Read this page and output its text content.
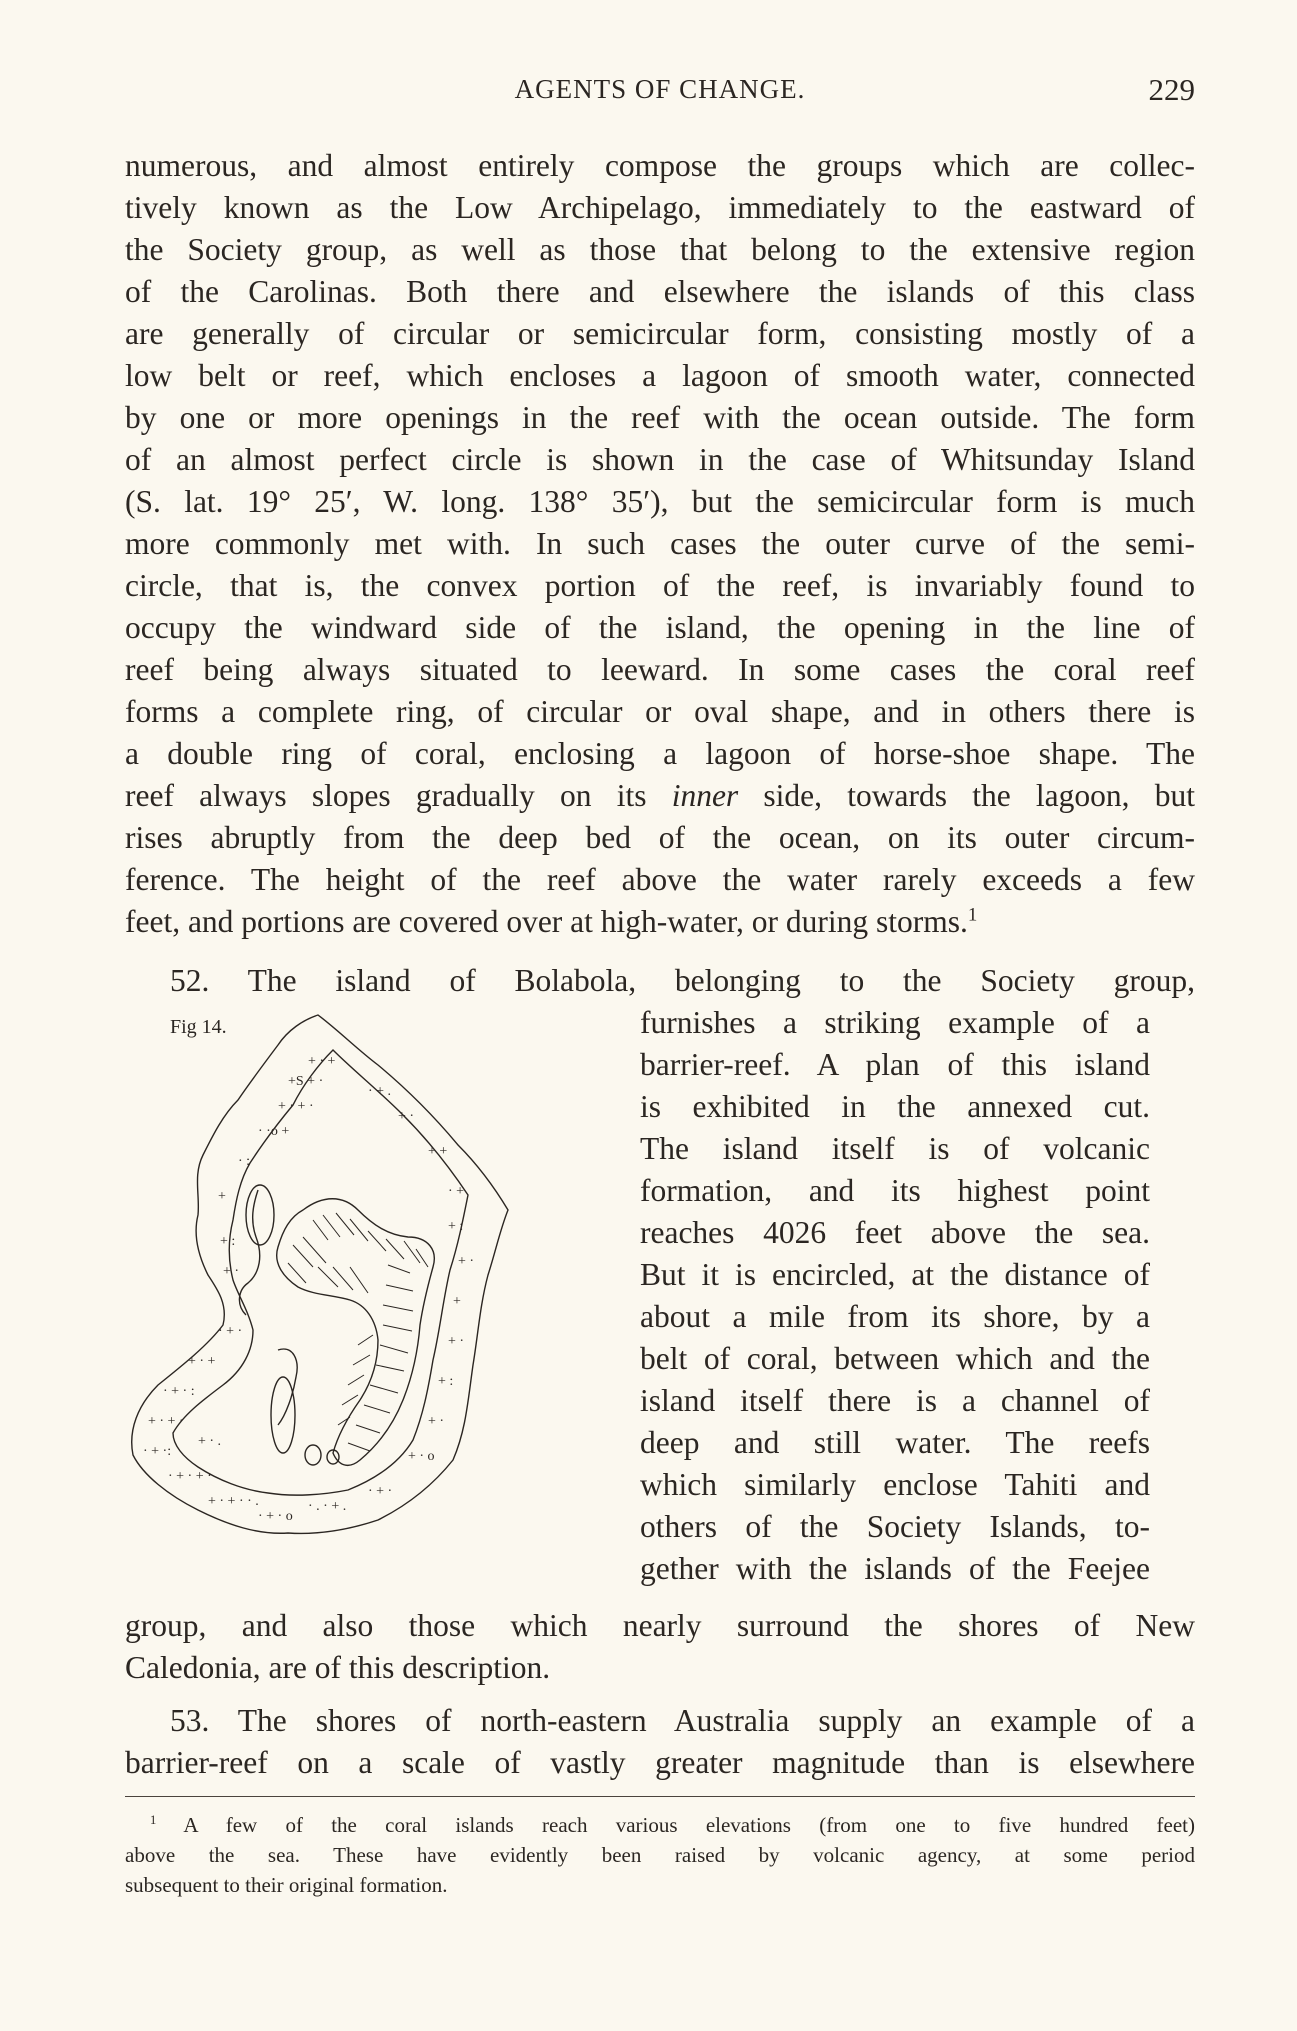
AGENTS OF CHANGE.	229
numerous, and almost entirely compose the groups which are collec-
tively known as the Low Archipelago, immediately to the eastward of
the Society group, as well as those that belong to the extensive region
of the Carolinas. Both there and elsewhere the islands of this class
are generally of circular or semicircular form, consisting mostly of a
low belt or reef, which encloses a lagoon of smooth water, connected
by one or more openings in the reef with the ocean outside. The form
of an almost perfect circle is shown in the case of Whitsunday Island
(S. lat. 19° 25′, W. long. 138° 35′), but the semicircular form is much
more commonly met with. In such cases the outer curve of the semi-
circle, that is, the convex portion of the reef, is invariably found to
occupy the windward side of the island, the opening in the line of
reef being always situated to leeward. In some cases the coral reef
forms a complete ring, of circular or oval shape, and in others there is
a double ring of coral, enclosing a lagoon of horse-shoe shape. The
reef always slopes gradually on its inner side, towards the lagoon, but
rises abruptly from the deep bed of the ocean, on its outer circum-
ference. The height of the reef above the water rarely exceeds a few
feet, and portions are covered over at high-water, or during storms.$^1$
52. The island of Bolabola, belonging to the Society group,
Fig 14.
+ · +
+S + ·
+ · + ·
· ·o +
· :
+
+ :
+ ·
· + .
+ ·
+ +
· +
+ :
+ ·
+
+ ·
+ :
+ ·
+ · o
· + ·
· + ·
+ · +
· + · :
+ · + ·
· + ·:
· + · + ·
+ · + · · .
· + · o
· . · + .
+ · .
furnishes a striking example of a
barrier-reef. A plan of this island
is exhibited in the annexed cut.
The island itself is of volcanic
formation, and its highest point
reaches 4026 feet above the sea.
But it is encircled, at the distance of
about a mile from its shore, by a
belt of coral, between which and the
island itself there is a channel of
deep and still water. The reefs
which similarly enclose Tahiti and
others of the Society Islands, to-
gether with the islands of the Feejee
group, and also those which nearly surround the shores of New
Caledonia, are of this description.
53. The shores of north-eastern Australia supply an example of a
barrier-reef on a scale of vastly greater magnitude than is elsewhere
$^1$ A few of the coral islands reach various elevations (from one to five hundred feet)
above the sea. These have evidently been raised by volcanic agency, at some period
subsequent to their original formation.
